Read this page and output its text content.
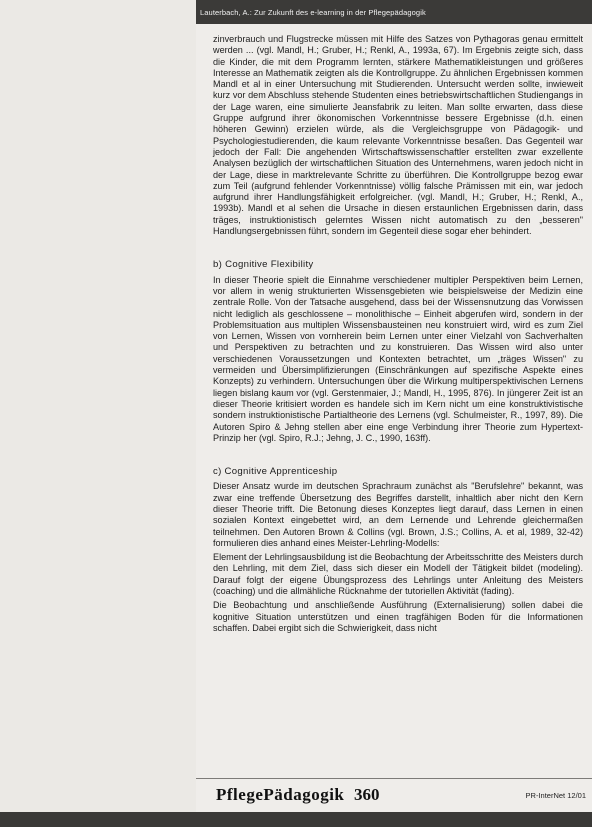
Lauterbach, A.: Zur Zukunft des e-learning in der Pflegepädagogik

zinverbrauch und Flugstrecke müssen mit Hilfe des Satzes von Pythagoras genau ermittelt werden ... (vgl. Mandl, H.; Gruber, H.; Renkl, A., 1993a, 67). Im Ergebnis zeigte sich, dass die Kinder, die mit dem Programm lernten, stärkere Mathematikleistungen und größeres Interesse an Mathematik zeigten als die Kontrollgruppe. Zu ähnlichen Ergebnissen kommen Mandl et al in einer Untersuchung mit Studierenden. Untersucht werden sollte, inwieweit kurz vor dem Abschluss stehende Studenten eines betriebswirtschaftlichen Studiengangs in der Lage waren, eine simulierte Jeansfabrik zu leiten. Man sollte erwarten, dass diese Gruppe aufgrund ihrer ökonomischen Vorkenntnisse bessere Ergebnisse (d.h. einen höheren Gewinn) erzielen würde, als die Vergleichsgruppe von Pädagogik- und Psychologiestudierenden, die kaum relevante Vorkenntnisse besaßen. Das Gegenteil war jedoch der Fall: Die angehenden Wirtschaftswissenschaftler erstellten zwar exzellente Analysen bezüglich der wirtschaftlichen Situation des Unternehmens, waren jedoch nicht in der Lage, diese in marktrelevante Schritte zu überführen. Die Kontrollgruppe bezog ewar zum Teil (aufgrund fehlender Vorkenntnisse) völlig falsche Prämissen mit ein, war jedoch aufgrund ihrer Handlungsfähigkeit erfolgreicher. (vgl. Mandl, H.; Gruber, H.; Renkl, A., 1993b). Mandl et al sehen die Ursache in diesen erstaunlichen Ergebnissen darin, dass träges, instruktionistisch gelerntes Wissen nicht automatisch zu den „besseren" Handlungsergebnissen führt, sondern im Gegenteil diese sogar eher behindert.

b) Cognitive Flexibility

In dieser Theorie spielt die Einnahme verschiedener multipler Perspektiven beim Lernen, vor allem in wenig strukturierten Wissensgebieten wie beispielsweise der Medizin eine zentrale Rolle. Von der Tatsache ausgehend, dass bei der Wissensnutzung das Vorwissen nicht lediglich als geschlossene – monolithische – Einheit abgerufen wird, sondern in der Problemsituation aus multiplen Wissensbausteinen neu konstruiert wird, wird es zum Ziel von Lernen, Wissen von vornherein beim Lernen unter einer Vielzahl von Sachverhalten und Perspektiven zu betrachten und zu konstruieren. Das Wissen wird also unter verschiedenen Voraussetzungen und Kontexten betrachtet, um „träges Wissen" zu vermeiden und Übersimplifizierungen (Einschränkungen auf spezifische Aspekte eines Konzepts) zu verhindern. Untersuchungen über die Wirkung multiperspektivischen Lernens liegen bislang kaum vor (vgl. Gerstenmaier, J.; Mandl, H., 1995, 876). In jüngerer Zeit ist an dieser Theorie kritisiert worden es handele sich im Kern nicht um eine konstruktivistische sondern instruktionistische Partialtheorie des Lernens (vgl. Schulmeister, R., 1997, 89). Die Autoren Spiro & Jehng stellen aber eine enge Verbindung ihrer Theorie zum Hypertext-Prinzip her (vgl. Spiro, R.J.; Jehng, J. C., 1990, 163ff).

c) Cognitive Apprenticeship

Dieser Ansatz wurde im deutschen Sprachraum zunächst als "Berufslehre" bekannt, was zwar eine treffende Übersetzung des Begriffes darstellt, inhaltlich aber nicht den Kern dieser Theorie trifft. Die Betonung dieses Konzeptes liegt darauf, dass Lernen in einen sozialen Kontext eingebettet wird, an dem Lernende und Lehrende gleichermaßen teilnehmen. Den Autoren Brown & Collins (vgl. Brown, J.S.; Collins, A. et al, 1989, 32-42) formulieren dies anhand eines Meister-Lehrling-Modells:

Element der Lehrlingsausbildung ist die Beobachtung der Arbeitsschritte des Meisters durch den Lehrling, mit dem Ziel, dass sich dieser ein Modell der Tätigkeit bildet (modeling). Darauf folgt der eigene Übungsprozess des Lehrlings unter Anleitung des Meisters (coaching) und die allmähliche Rücknahme der tutoriellen Aktivität (fading).

Die Beobachtung und anschließende Ausführung (Externalisierung) sollen dabei die kognitive Situation unterstützen und einen tragfähigen Boden für die Informationen schaffen. Dabei ergibt sich die Schwierigkeit, dass nicht

PflegePädagogik 360	PR-InterNet 12/01
